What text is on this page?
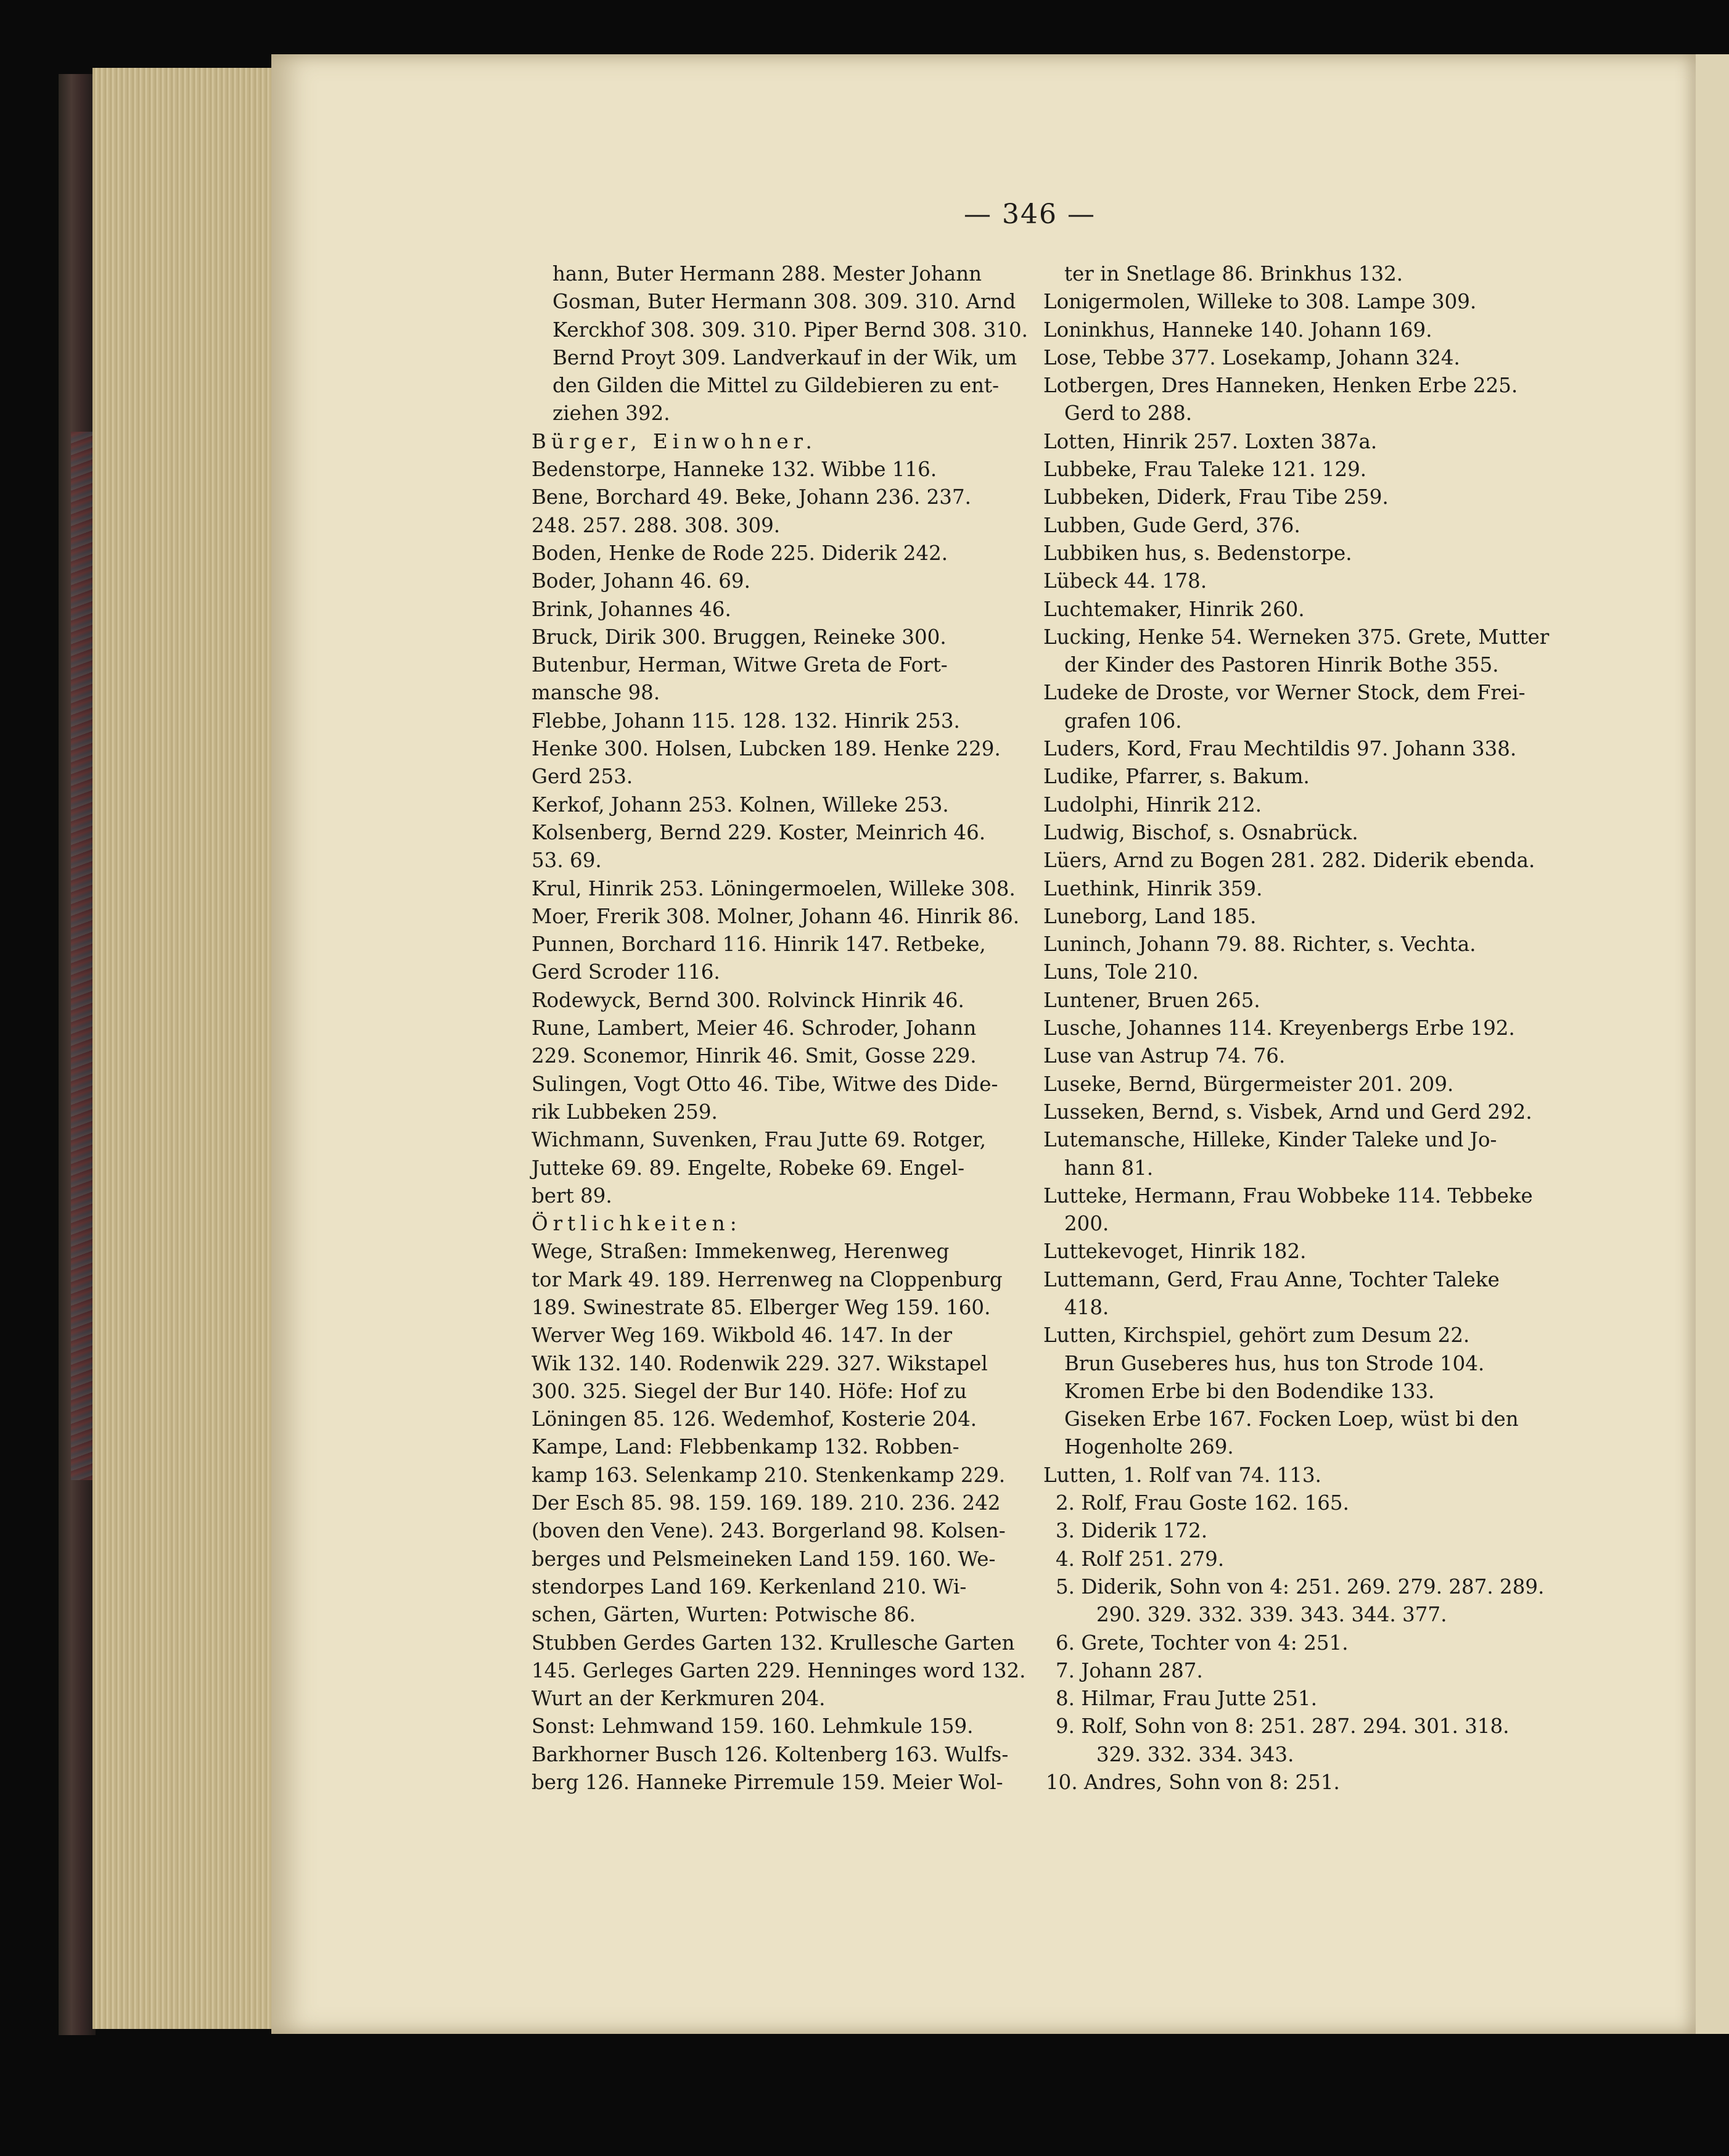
— 346 —
hann, Buter Hermann 288. Mester Johann
Gosman, Buter Hermann 308. 309. 310. Arnd
Kerckhof 308. 309. 310. Piper Bernd 308. 310.
Bernd Proyt 309. Landverkauf in der Wik, um
den Gilden die Mittel zu Gildebieren zu ent-
ziehen 392.
Bürger, Einwohner.
Bedenstorpe, Hanneke 132. Wibbe 116.
Bene, Borchard 49. Beke, Johann 236. 237.
248. 257. 288. 308. 309.
Boden, Henke de Rode 225. Diderik 242.
Boder, Johann 46. 69.
Brink, Johannes 46.
Bruck, Dirik 300. Bruggen, Reineke 300.
Butenbur, Herman, Witwe Greta de Fort-
mansche 98.
Flebbe, Johann 115. 128. 132. Hinrik 253.
Henke 300. Holsen, Lubcken 189. Henke 229.
Gerd 253.
Kerkof, Johann 253. Kolnen, Willeke 253.
Kolsenberg, Bernd 229. Koster, Meinrich 46.
53. 69.
Krul, Hinrik 253. Löningermoelen, Willeke 308.
Moer, Frerik 308. Molner, Johann 46. Hinrik 86.
Punnen, Borchard 116. Hinrik 147. Retbeke,
Gerd Scroder 116.
Rodewyck, Bernd 300. Rolvinck Hinrik 46.
Rune, Lambert, Meier 46. Schroder, Johann
229. Sconemor, Hinrik 46. Smit, Gosse 229.
Sulingen, Vogt Otto 46. Tibe, Witwe des Dide-
rik Lubbeken 259.
Wichmann, Suvenken, Frau Jutte 69. Rotger,
Jutteke 69. 89. Engelte, Robeke 69. Engel-
bert 89.
Örtlichkeiten:
Wege, Straßen: Immekenweg, Herenweg
tor Mark 49. 189. Herrenweg na Cloppenburg
189. Swinestrate 85. Elberger Weg 159. 160.
Werver Weg 169. Wikbold 46. 147. In der
Wik 132. 140. Rodenwik 229. 327. Wikstapel
300. 325. Siegel der Bur 140. Höfe: Hof zu
Löningen 85. 126. Wedemhof, Kosterie 204.
Kampe, Land: Flebbenkamp 132. Robben-
kamp 163. Selenkamp 210. Stenkenkamp 229.
Der Esch 85. 98. 159. 169. 189. 210. 236. 242
(boven den Vene). 243. Borgerland 98. Kolsen-
berges und Pelsmeineken Land 159. 160. We-
stendorpes Land 169. Kerkenland 210. Wi-
schen, Gärten, Wurten: Potwische 86.
Stubben Gerdes Garten 132. Krullesche Garten
145. Gerleges Garten 229. Henninges word 132.
Wurt an der Kerkmuren 204.
Sonst: Lehmwand 159. 160. Lehmkule 159.
Barkhorner Busch 126. Koltenberg 163. Wulfs-
berg 126. Hanneke Pirremule 159. Meier Wol-
ter in Snetlage 86. Brinkhus 132.
Lonigermolen, Willeke to 308. Lampe 309.
Loninkhus, Hanneke 140. Johann 169.
Lose, Tebbe 377. Losekamp, Johann 324.
Lotbergen, Dres Hanneken, Henken Erbe 225.
Gerd to 288.
Lotten, Hinrik 257. Loxten 387a.
Lubbeke, Frau Taleke 121. 129.
Lubbeken, Diderk, Frau Tibe 259.
Lubben, Gude Gerd, 376.
Lubbiken hus, s. Bedenstorpe.
Lübeck 44. 178.
Luchtemaker, Hinrik 260.
Lucking, Henke 54. Werneken 375. Grete, Mutter
der Kinder des Pastoren Hinrik Bothe 355.
Ludeke de Droste, vor Werner Stock, dem Frei-
grafen 106.
Luders, Kord, Frau Mechtildis 97. Johann 338.
Ludike, Pfarrer, s. Bakum.
Ludolphi, Hinrik 212.
Ludwig, Bischof, s. Osnabrück.
Lüers, Arnd zu Bogen 281. 282. Diderik ebenda.
Luethink, Hinrik 359.
Luneborg, Land 185.
Luninch, Johann 79. 88. Richter, s. Vechta.
Luns, Tole 210.
Luntener, Bruen 265.
Lusche, Johannes 114. Kreyenbergs Erbe 192.
Luse van Astrup 74. 76.
Luseke, Bernd, Bürgermeister 201. 209.
Lusseken, Bernd, s. Visbek, Arnd und Gerd 292.
Lutemansche, Hilleke, Kinder Taleke und Jo-
hann 81.
Lutteke, Hermann, Frau Wobbeke 114. Tebbeke
200.
Luttekevoget, Hinrik 182.
Luttemann, Gerd, Frau Anne, Tochter Taleke
418.
Lutten, Kirchspiel, gehört zum Desum 22.
Brun Guseberes hus, hus ton Strode 104.
Kromen Erbe bi den Bodendike 133.
Giseken Erbe 167. Focken Loep, wüst bi den
Hogenholte 269.
Lutten, 1. Rolf van 74. 113.
2. Rolf, Frau Goste 162. 165.
3. Diderik 172.
4. Rolf 251. 279.
5. Diderik, Sohn von 4: 251. 269. 279. 287. 289.
290. 329. 332. 339. 343. 344. 377.
6. Grete, Tochter von 4: 251.
7. Johann 287.
8. Hilmar, Frau Jutte 251.
9. Rolf, Sohn von 8: 251. 287. 294. 301. 318.
329. 332. 334. 343.
10. Andres, Sohn von 8: 251.
